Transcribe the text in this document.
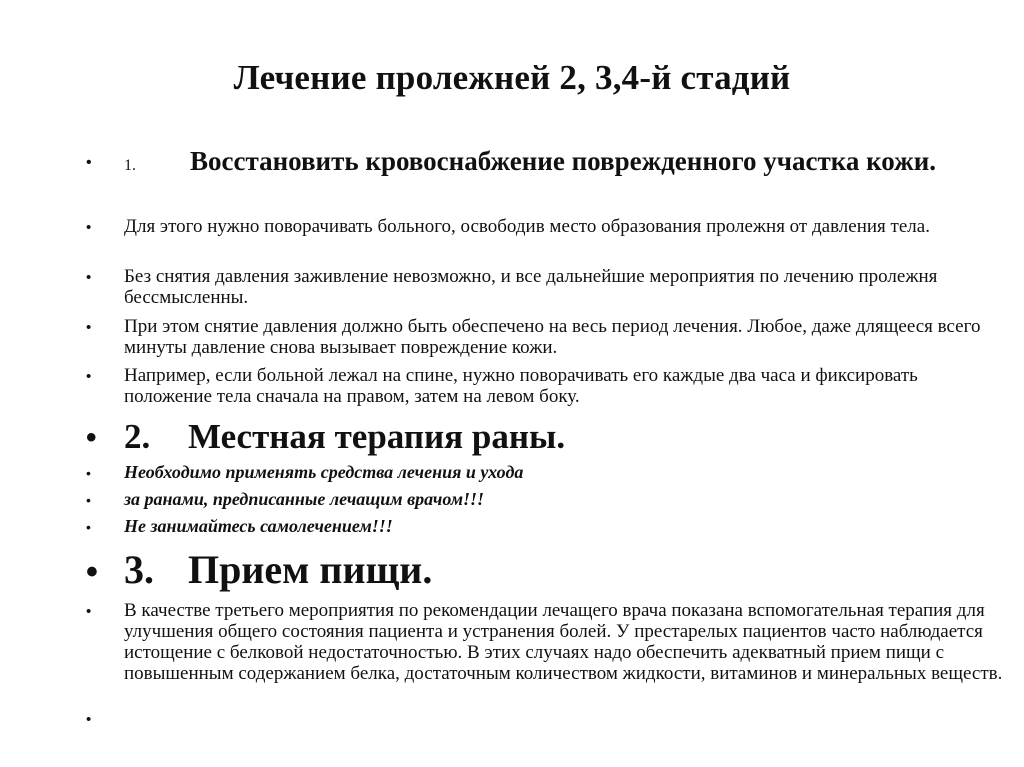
Лечение пролежней 2, 3,4-й стадий
• 1. Восстановить кровоснабжение поврежденного участка кожи.
• Для этого нужно поворачивать больного, освободив место образования пролежня от давления тела.
• Без снятия давления заживление невозможно, и все дальнейшие мероприятия по лечению пролежня бессмысленны.
• При этом снятие давления должно быть обеспечено на весь период лечения. Любое, даже длящееся всего минуты давление снова вызывает повреждение кожи.
• Например, если больной лежал на спине, нужно поворачивать его каждые два часа и фиксировать положение тела сначала на правом, затем на левом боку.
• 2. Местная терапия раны.
• Необходимо применять средства лечения и ухода
• за ранами, предписанные лечащим врачом!!!
• Не занимайтесь самолечением!!!
• 3. Прием пищи.
• В качестве третьего мероприятия по рекомендации лечащего врача показана вспомогательная терапия для улучшения общего состояния пациента и устранения болей. У престарелых пациентов часто наблюдается истощение с белковой недостаточностью. В этих случаях надо обеспечить адекватный прием пищи с повышенным содержанием белка, достаточным количеством жидкости, витаминов и минеральных веществ.
•
